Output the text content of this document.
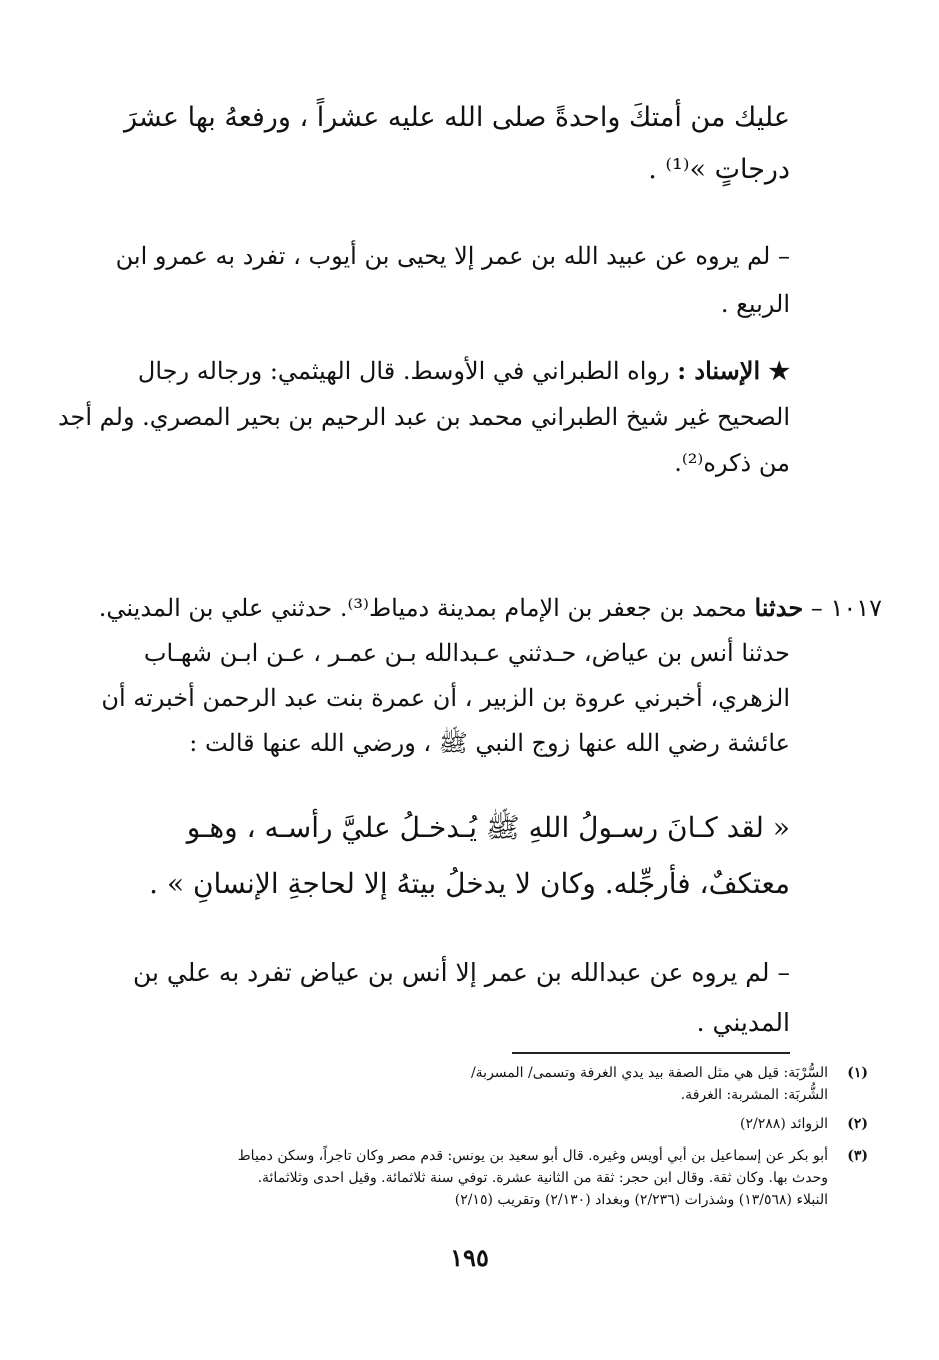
عليك من أمتكَ واحدةً صلى الله عليه عشراً ، ورفعهُ بها عشرَ
درجاتٍ »⁽¹⁾ .
– لم يروه عن عبيد الله بن عمر إلا يحيى بن أيوب ، تفرد به عمرو ابن
الربيع .
★ الإسناد : رواه الطبراني في الأوسط. قال الهيثمي: ورجاله رجال
الصحيح غير شيخ الطبراني محمد بن عبد الرحيم بن بحير المصري. ولم أجد
من ذكره⁽²⁾.
١٠١٧ – حدثنا محمد بن جعفر بن الإمام بمدينة دمياط⁽³⁾. حدثني علي بن المديني.
حدثنا أنس بن عياض، حـدثني عـبدالله بـن عمـر ، عـن ابـن شهـاب
الزهري، أخبرني عروة بن الزبير ، أن عمرة بنت عبد الرحمن أخبرته أن
عائشة رضي الله عنها زوج النبي ﷺ ، ورضي الله عنها قالت :
« لقد كـانَ رسـولُ اللهِ ﷺ يُـدخـلُ عليَّ رأسـه ، وهـو
معتكفٌ، فأرجِّله. وكان لا يدخلُ بيتهُ إلا لحاجةِ الإنسانِ » .
– لم يروه عن عبدالله بن عمر إلا أنس بن عياض تفرد به علي بن
المديني .
(١)
السُّرْبَة: قيل هي مثل الصفة بيد يدي الغرفة وتسمى/ المسربة/
الشُّربَة: المشربة: الغرفة.
(٢)
الزوائد (٢/٢٨٨)
(٣)
أبو بكر عن إسماعيل بن أبي أويس وغيره. قال أبو سعيد بن يونس: قدم مصر وكان تاجراً، وسكن دمياط
وحدث بها. وكان ثقة. وقال ابن حجر: ثقة من الثانية عشرة. توفي سنة ثلاثمائة. وقيل احدى وثلاثمائة.
النبلاء (١٣/٥٦٨) وشذرات (٢/٢٣٦) وبغداد (٢/١٣٠) وتقريب (٢/١٥)
١٩٥
